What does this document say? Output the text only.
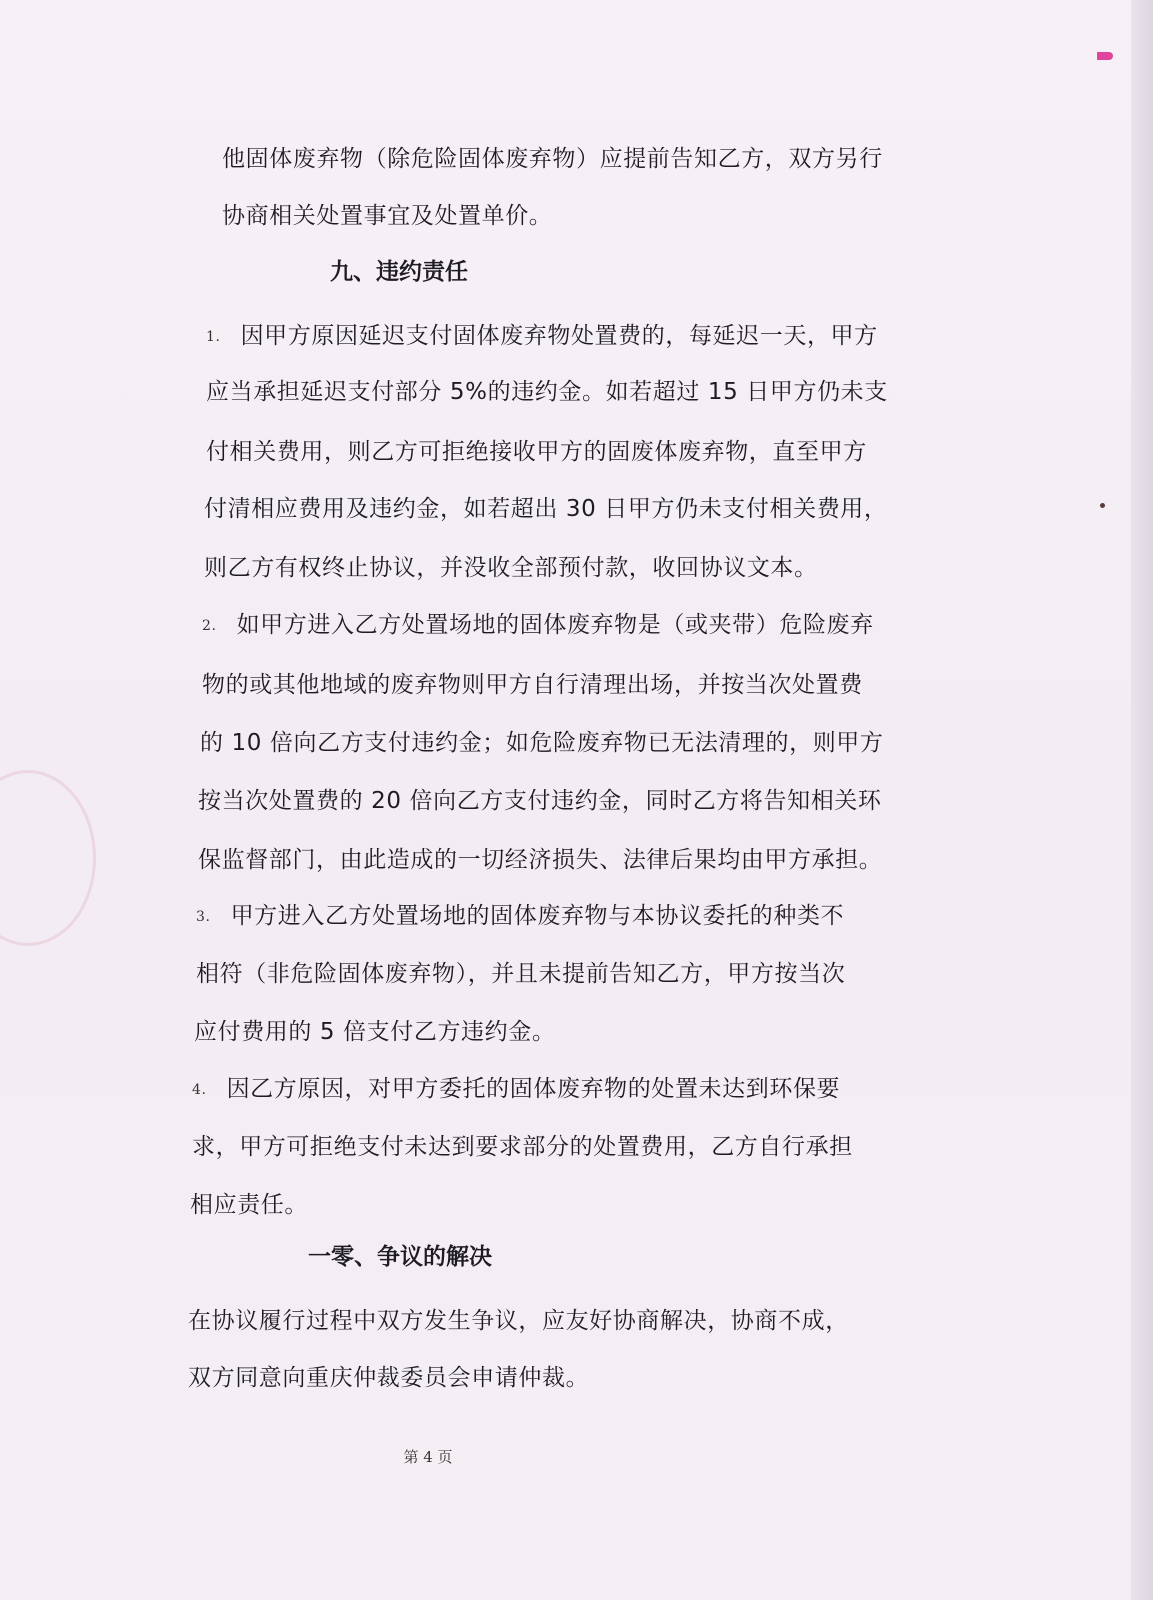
他固体废弃物（除危险固体废弃物）应提前告知乙方，双方另行
协商相关处置事宜及处置单价。
九、违约责任
1. 因甲方原因延迟支付固体废弃物处置费的，每延迟一天，甲方
应当承担延迟支付部分 5%的违约金。如若超过 15 日甲方仍未支
付相关费用，则乙方可拒绝接收甲方的固废体废弃物，直至甲方
付清相应费用及违约金，如若超出 30 日甲方仍未支付相关费用，
则乙方有权终止协议，并没收全部预付款，收回协议文本。
2. 如甲方进入乙方处置场地的固体废弃物是（或夹带）危险废弃
物的或其他地域的废弃物则甲方自行清理出场，并按当次处置费
的 10 倍向乙方支付违约金；如危险废弃物已无法清理的，则甲方
按当次处置费的 20 倍向乙方支付违约金，同时乙方将告知相关环
保监督部门，由此造成的一切经济损失、法律后果均由甲方承担。
3. 甲方进入乙方处置场地的固体废弃物与本协议委托的种类不
相符（非危险固体废弃物），并且未提前告知乙方，甲方按当次
应付费用的 5 倍支付乙方违约金。
4. 因乙方原因，对甲方委托的固体废弃物的处置未达到环保要
求，甲方可拒绝支付未达到要求部分的处置费用，乙方自行承担
相应责任。
一零、争议的解决
在协议履行过程中双方发生争议，应友好协商解决，协商不成，
双方同意向重庆仲裁委员会申请仲裁。
第 4 页
